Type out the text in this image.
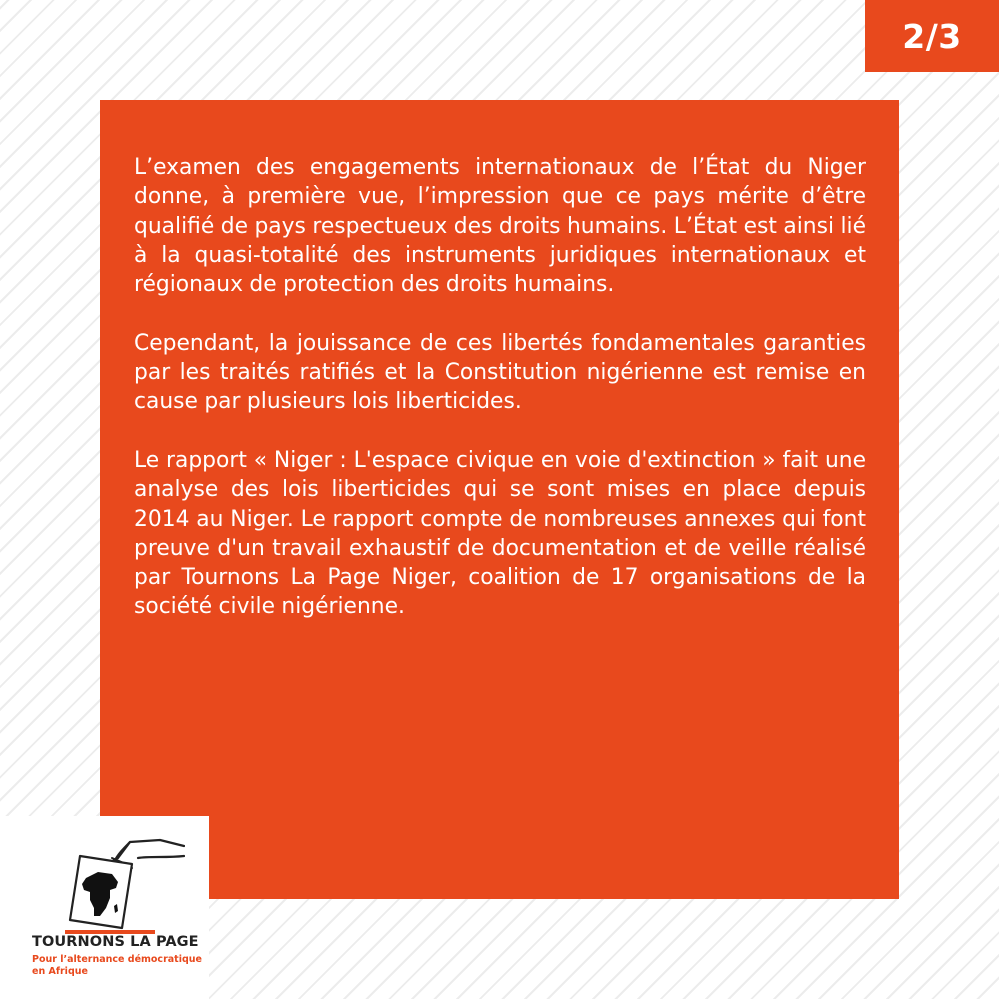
2/3

L’examen des engagements internationaux de l’État du Niger donne, à première vue, l’impression que ce pays mérite d’être qualifié de pays respectueux des droits humains. L’État est ainsi lié à la quasi-totalité des instruments juridiques internationaux et régionaux de protection des droits humains.

Cependant, la jouissance de ces libertés fondamentales garanties par les traités ratifiés et la Constitution nigérienne est remise en cause par plusieurs lois liberticides.

Le rapport « Niger : L'espace civique en voie d'extinction » fait une analyse des lois liberticides qui se sont mises en place depuis 2014 au Niger. Le rapport compte de nombreuses annexes qui font preuve d'un travail exhaustif de documentation et de veille réalisé par Tournons La Page Niger, coalition de 17 organisations de la société civile nigérienne.

TOURNONS LA PAGE
Pour l’alternance démocratique en Afrique
